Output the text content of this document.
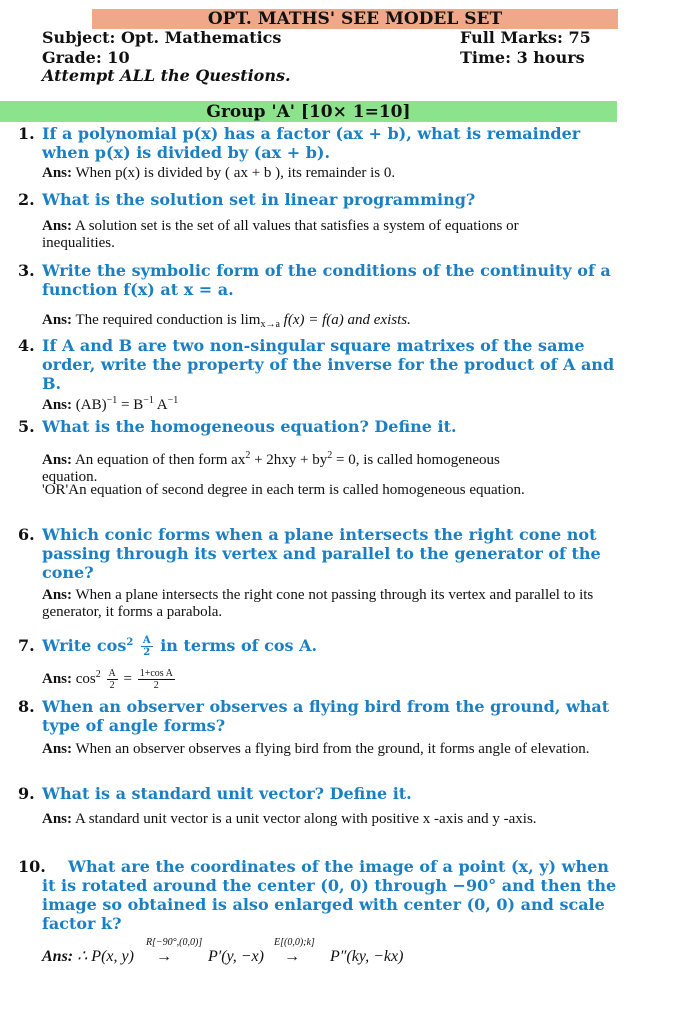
OPT. MATHS' SEE MODEL SET
Subject: Opt. Mathematics	Full Marks: 75
Grade: 10	Time: 3 hours
Attempt ALL the Questions.
Group 'A' [10× 1=10]
1. If a polynomial p(x) has a factor (ax + b), what is remainder when p(x) is divided by (ax + b).
Ans: When p(x) is divided by ( ax + b ), its remainder is 0.
2. What is the solution set in linear programming?
Ans: A solution set is the set of all values that satisfies a system of equations or inequalities.
3. Write the symbolic form of the conditions of the continuity of a function f(x) at x = a.
Ans: The required conduction is $\lim_{x\to a} f(x) = f(a)$ and exists.
4. If A and B are two non-singular square matrixes of the same order, write the property of the inverse for the product of A and B.
Ans: $(AB)^{-1} = B^{-1}$ $A^{-1}$
5. What is the homogeneous equation? Define it.
Ans: An equation of then form $ax^2 + 2hxy + by^2 = 0$, is called homogeneous equation.
'OR'An equation of second degree in each term is called homogeneous equation.
6. Which conic forms when a plane intersects the right cone not passing through its vertex and parallel to the generator of the cone?
Ans: When a plane intersects the right cone not passing through its vertex and parallel to its generator, it forms a parabola.
7. Write $\cos^2 \frac{A}{2}$ in terms of cos A.
Ans: $\cos^2 \frac{A}{2} = \frac{\text{1+cos A}}{2}$
8. When an observer observes a flying bird from the ground, what type of angle forms?
Ans: When an observer observes a flying bird from the ground, it forms angle of elevation.
9. What is a standard unit vector? Define it.
Ans: A standard unit vector is a unit vector along with positive x -axis and y -axis.
10.	What are the coordinates of the image of a point (x, y) when it is rotated around the center (0, 0) through −90° and then the image so obtained is also enlarged with center (0, 0) and scale factor k?
Ans: ∴ P(x, y)
R[−90°,(0,0)]
→ P′(y, −x)
E[(0,0);k]
→ P″(ky, −kx)
